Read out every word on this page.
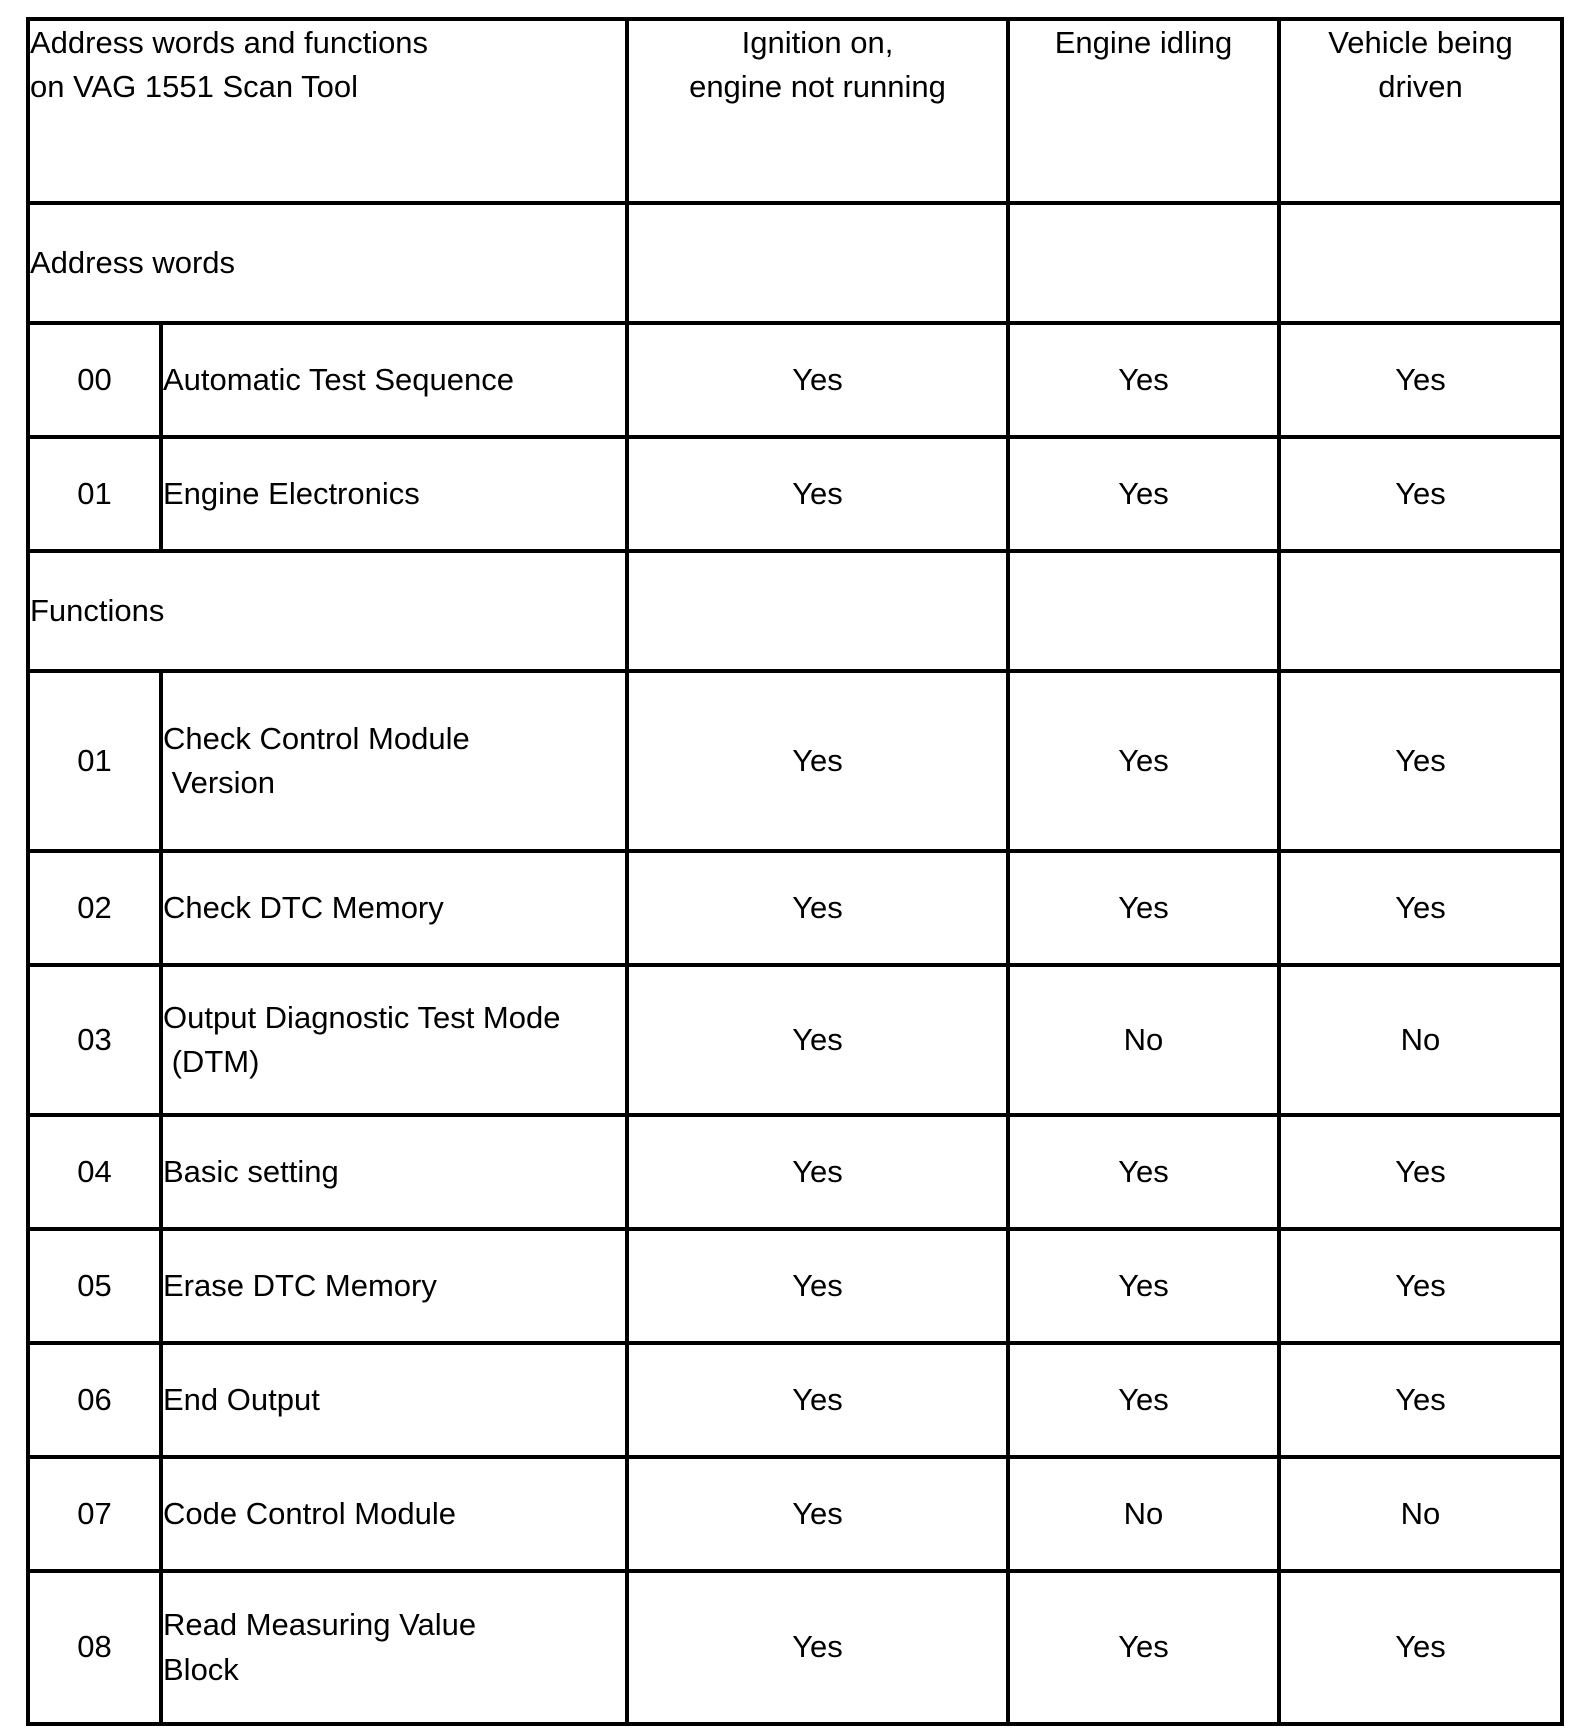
Address words and functions
on VAG 1551 Scan Tool		Ignition on,
engine not running	Engine idling	Vehicle being
driven
Address words				
00	Automatic Test Sequence	Yes	Yes	Yes
01	Engine Electronics	Yes	Yes	Yes
Functions				
01	Check Control Module
Version	Yes	Yes	Yes
02	Check DTC Memory	Yes	Yes	Yes
03	Output Diagnostic Test Mode
(DTM)	Yes	No	No
04	Basic setting	Yes	Yes	Yes
05	Erase DTC Memory	Yes	Yes	Yes
06	End Output	Yes	Yes	Yes
07	Code Control Module	Yes	No	No
08	Read Measuring Value
Block	Yes	Yes	Yes
